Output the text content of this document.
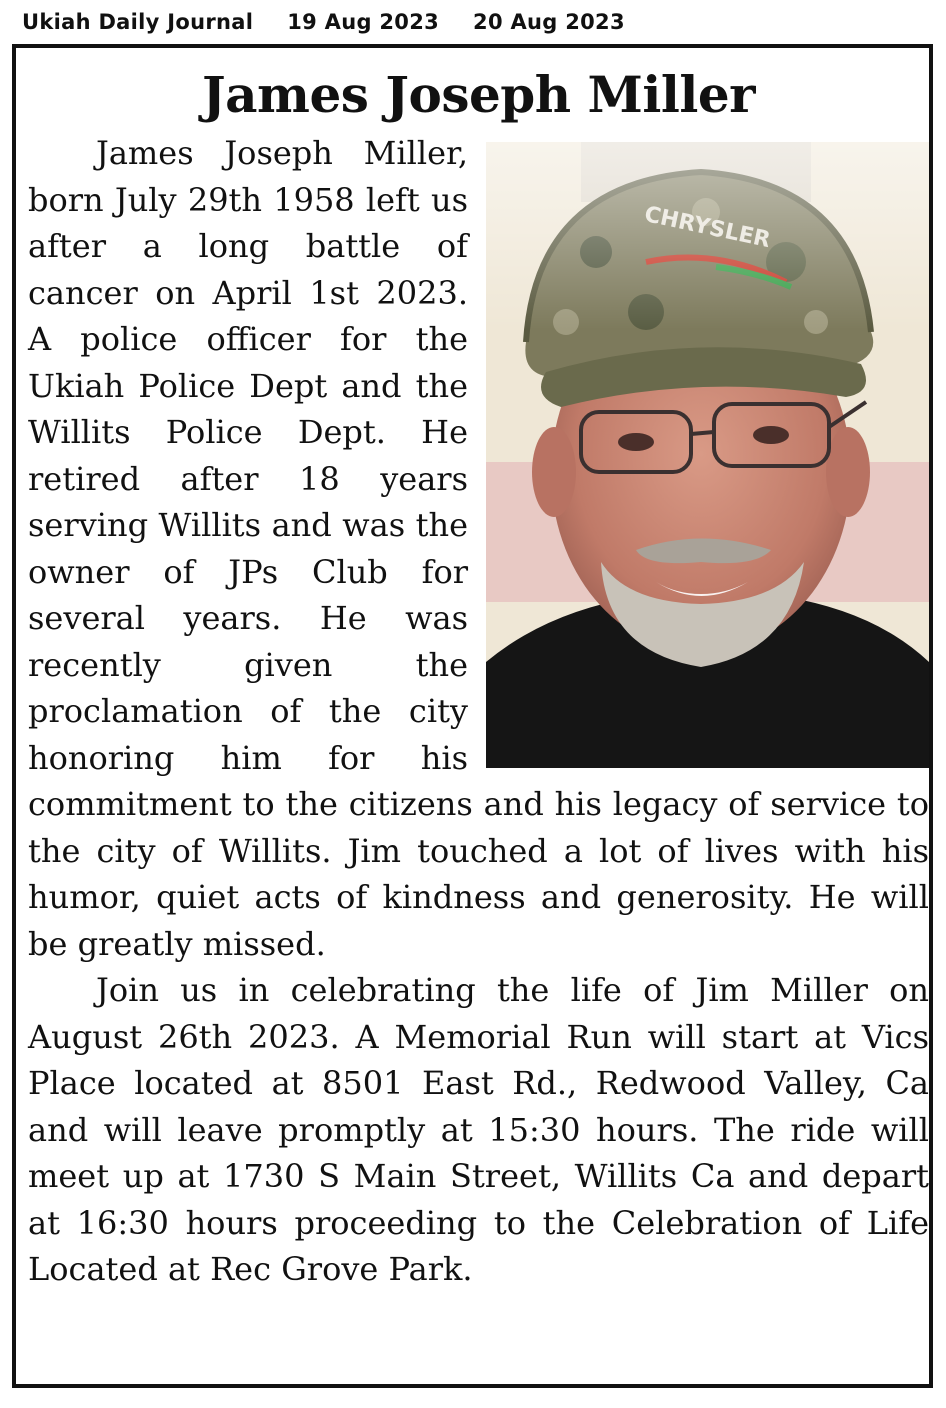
Ukiah Daily Journal 19 Aug 2023 20 Aug 2023
James Joseph Miller

James Joseph Miller, born July 29th 1958 left us after a long battle of cancer on April 1st 2023. A police officer for the Ukiah Police Dept and the Willits Police Dept. He retired after 18 years serving Willits and was the owner of JPs Club for several years. He was recently given the proclamation of the city honoring him for his commitment to the citizens and his legacy of service to the city of Willits. Jim touched a lot of lives with his humor, quiet acts of kindness and generosity. He will be greatly missed.

Join us in celebrating the life of Jim Miller on August 26th 2023. A Memorial Run will start at Vics Place located at 8501 East Rd., Redwood Valley, Ca and will leave promptly at 15:30 hours. The ride will meet up at 1730 S Main Street, Willits Ca and depart at 16:30 hours proceeding to the Celebration of Life Located at Rec Grove Park.
